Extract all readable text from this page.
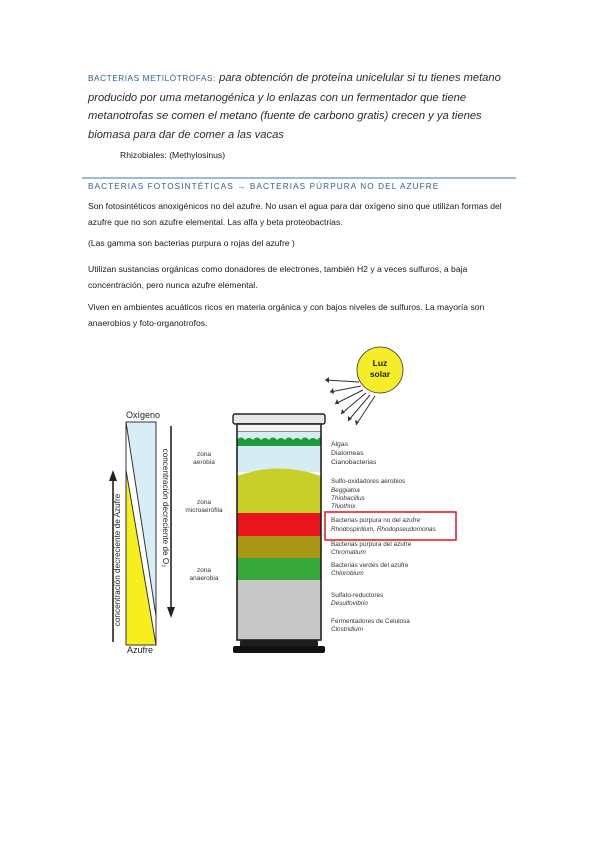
BACTERIAS METILÓTROFAS: para obtención de proteína unicelular si tu tienes metano producido por uma metanogénica y lo enlazas con un fermentador que tiene metanotrofas se comen el metano (fuente de carbono gratis) crecen y ya tienes biomasa para dar de comer a las vacas
Rhizobiales: (Methylosinus)
BACTERIAS FOTOSINTÉTICAS → BACTERIAS PÚRPURA NO DEL AZUFRE
Son fotosintéticos anoxigénicos no del azufre. No usan el agua para dar oxígeno sino que utilizan formas del azufre que no son azufre elemental. Las alfa y beta proteobactrias.
(Las gamma son bacterias purpura o rojas del azufre )
Utilizan sustancias orgánicas como donadores de electrones, también H2 y a veces sulfuros, a baja concentración, pero nunca azufre elemental.
Viven en ambientes acuáticos ricos en materia orgánica y con bajos niveles de sulfuros. La mayoría son anaerobios y foto-organotrofos.
Luz
solar
Oxígeno
Azufre
concentración decreciente de Azufre	concentración decreciente de O₂	zona
aerobia
zona
microaerófila
zona
anaerobia
Algas
Diatomeas
Cianobacterias
Sulfo-oxidadores aerobios
Beggiatoa
Thiobacillus
Thiothrix
Bacterias púrpura no del azufre
Rhodospirillum, Rhodopseudomonas
Bacterias púrpura del azufre
Chromatium
Bacterias verdes del azufre
Chlorobium
Sulfato-reductores
Desulfovibrio
Fermentadores de Celulosa
Clostridium
